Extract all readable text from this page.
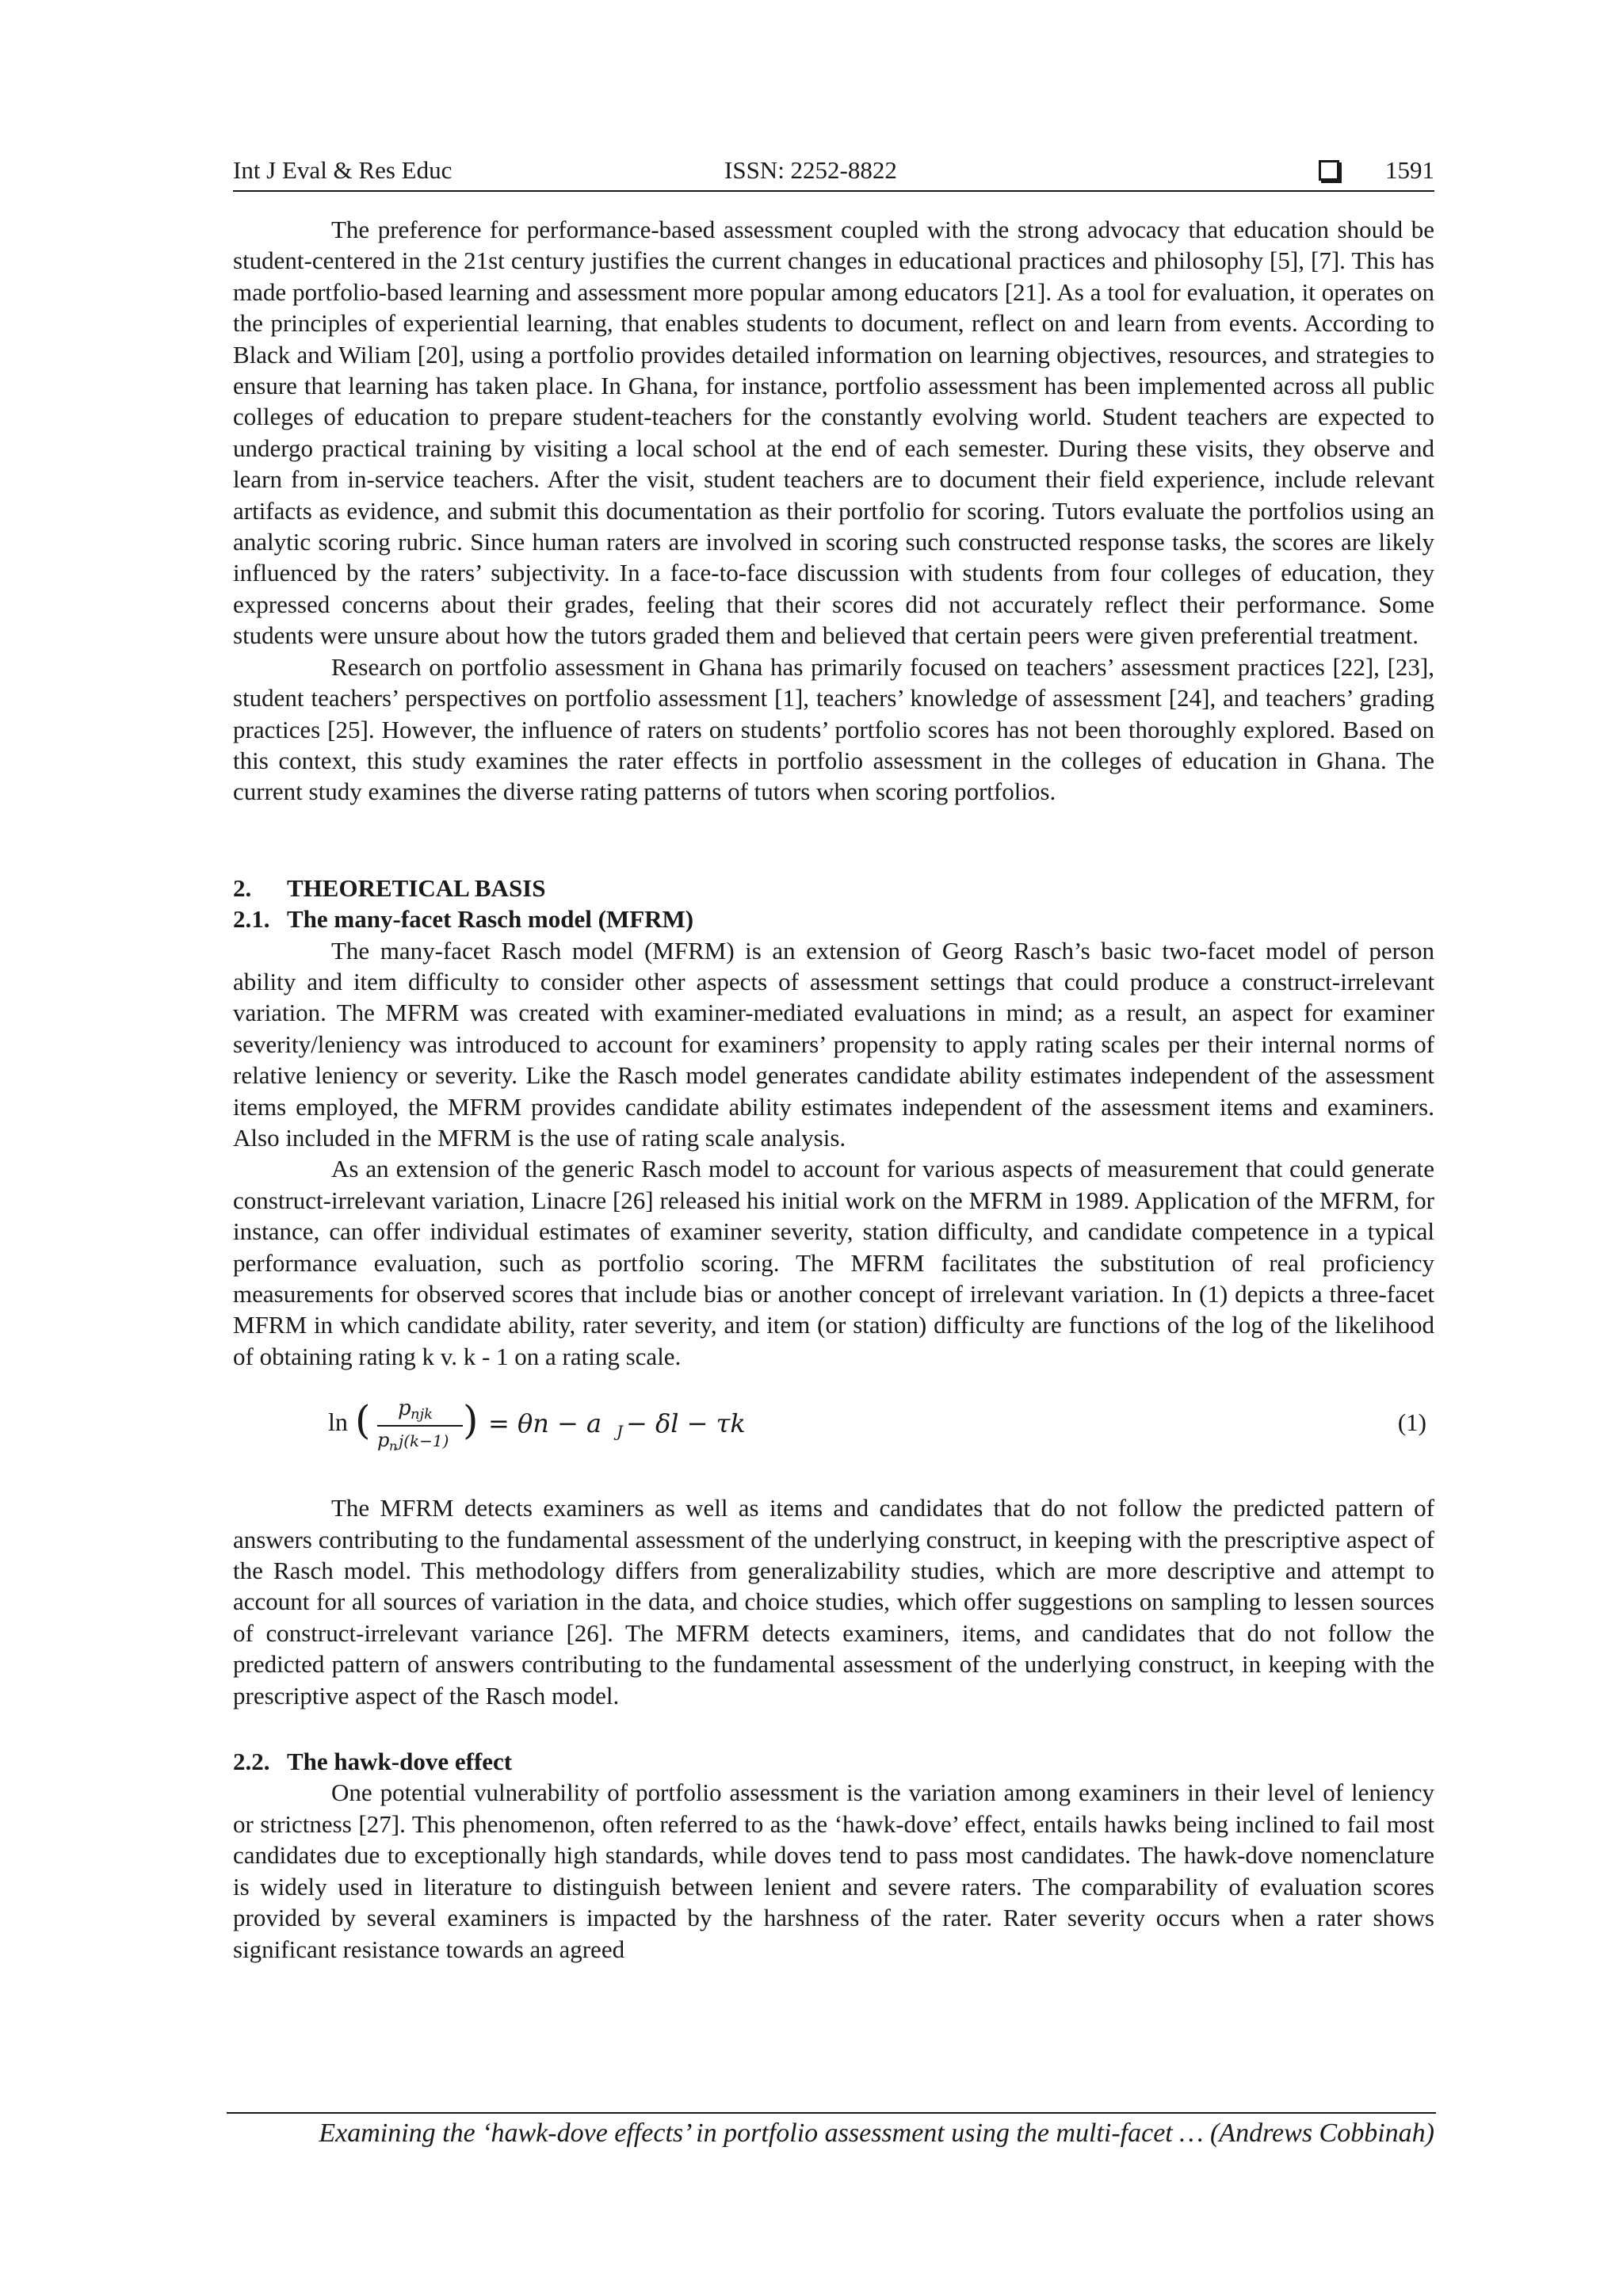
Int J Eval & Res Educ	ISSN: 2252-8822	1591

The preference for performance-based assessment coupled with the strong advocacy that education should be student-centered in the 21st century justifies the current changes in educational practices and philosophy [5], [7]. This has made portfolio-based learning and assessment more popular among educators [21]. As a tool for evaluation, it operates on the principles of experiential learning, that enables students to document, reflect on and learn from events. According to Black and Wiliam [20], using a portfolio provides detailed information on learning objectives, resources, and strategies to ensure that learning has taken place. In Ghana, for instance, portfolio assessment has been implemented across all public colleges of education to prepare student-teachers for the constantly evolving world. Student teachers are expected to undergo practical training by visiting a local school at the end of each semester. During these visits, they observe and learn from in-service teachers. After the visit, student teachers are to document their field experience, include relevant artifacts as evidence, and submit this documentation as their portfolio for scoring. Tutors evaluate the portfolios using an analytic scoring rubric. Since human raters are involved in scoring such constructed response tasks, the scores are likely influenced by the raters’ subjectivity. In a face-to-face discussion with students from four colleges of education, they expressed concerns about their grades, feeling that their scores did not accurately reflect their performance. Some students were unsure about how the tutors graded them and believed that certain peers were given preferential treatment.

Research on portfolio assessment in Ghana has primarily focused on teachers’ assessment practices [22], [23], student teachers’ perspectives on portfolio assessment [1], teachers’ knowledge of assessment [24], and teachers’ grading practices [25]. However, the influence of raters on students’ portfolio scores has not been thoroughly explored. Based on this context, this study examines the rater effects in portfolio assessment in the colleges of education in Ghana. The current study examines the diverse rating patterns of tutors when scoring portfolios.

2. THEORETICAL BASIS
2.1. The many-facet Rasch model (MFRM)

The many-facet Rasch model (MFRM) is an extension of Georg Rasch’s basic two-facet model of person ability and item difficulty to consider other aspects of assessment settings that could produce a construct-irrelevant variation. The MFRM was created with examiner-mediated evaluations in mind; as a result, an aspect for examiner severity/leniency was introduced to account for examiners’ propensity to apply rating scales per their internal norms of relative leniency or severity. Like the Rasch model generates candidate ability estimates independent of the assessment items employed, the MFRM provides candidate ability estimates independent of the assessment items and examiners. Also included in the MFRM is the use of rating scale analysis.

As an extension of the generic Rasch model to account for various aspects of measurement that could generate construct-irrelevant variation, Linacre [26] released his initial work on the MFRM in 1989. Application of the MFRM, for instance, can offer individual estimates of examiner severity, station difficulty, and candidate competence in a typical performance evaluation, such as portfolio scoring. The MFRM facilitates the substitution of real proficiency measurements for observed scores that include bias or another concept of irrelevant variation. In (1) depicts a three-facet MFRM in which candidate ability, rater severity, and item (or station) difficulty are functions of the log of the likelihood of obtaining rating k v. k - 1 on a rating scale.

ln ( p njk
p n j(k−1) ) = θn − a J − δl − τk	(1)

The MFRM detects examiners as well as items and candidates that do not follow the predicted pattern of answers contributing to the fundamental assessment of the underlying construct, in keeping with the prescriptive aspect of the Rasch model. This methodology differs from generalizability studies, which are more descriptive and attempt to account for all sources of variation in the data, and choice studies, which offer suggestions on sampling to lessen sources of construct-irrelevant variance [26]. The MFRM detects examiners, items, and candidates that do not follow the predicted pattern of answers contributing to the fundamental assessment of the underlying construct, in keeping with the prescriptive aspect of the Rasch model.

2.2. The hawk-dove effect

One potential vulnerability of portfolio assessment is the variation among examiners in their level of leniency or strictness [27]. This phenomenon, often referred to as the ‘hawk-dove’ effect, entails hawks being inclined to fail most candidates due to exceptionally high standards, while doves tend to pass most candidates. The hawk-dove nomenclature is widely used in literature to distinguish between lenient and severe raters. The comparability of evaluation scores provided by several examiners is impacted by the harshness of the rater. Rater severity occurs when a rater shows significant resistance towards an agreed

Examining the ‘hawk-dove effects’ in portfolio assessment using the multi-facet … (Andrews Cobbinah)
